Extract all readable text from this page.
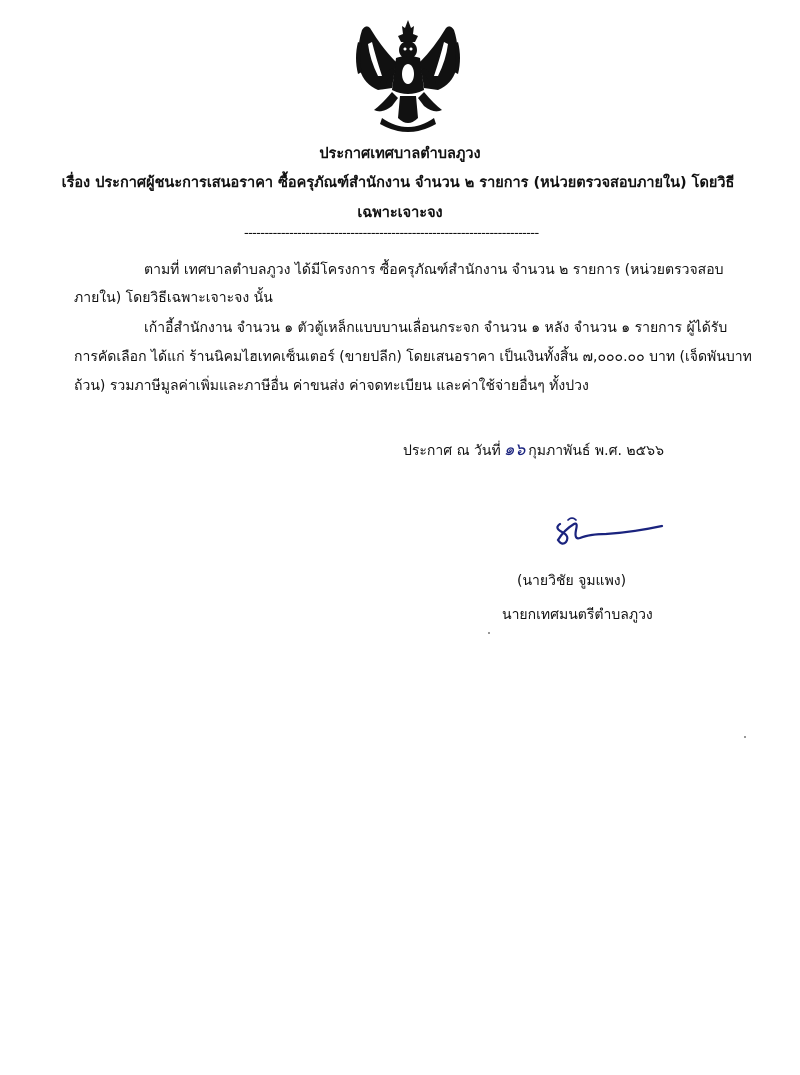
ประกาศเทศบาลตำบลภูวง
เรื่อง ประกาศผู้ชนะการเสนอราคา ซื้อครุภัณฑ์สำนักงาน จำนวน ๒ รายการ (หน่วยตรวจสอบภายใน) โดยวิธี
เฉพาะเจาะจง
------------------------------------------------------------------------
ตามที่ เทศบาลตำบลภูวง ได้มีโครงการ ซื้อครุภัณฑ์สำนักงาน จำนวน ๒ รายการ (หน่วยตรวจสอบ
ภายใน) โดยวิธีเฉพาะเจาะจง นั้น
เก้าอี้สำนักงาน จำนวน ๑ ตัวตู้เหล็กแบบบานเลื่อนกระจก จำนวน ๑ หลัง จำนวน ๑ รายการ ผู้ได้รับ
การคัดเลือก ได้แก่ ร้านนิคมไฮเทคเซ็นเตอร์ (ขายปลีก) โดยเสนอราคา เป็นเงินทั้งสิ้น ๗,๐๐๐.๐๐ บาท (เจ็ดพันบาท
ถ้วน) รวมภาษีมูลค่าเพิ่มและภาษีอื่น ค่าขนส่ง ค่าจดทะเบียน และค่าใช้จ่ายอื่นๆ ทั้งปวง
ประกาศ ณ วันที่ ๑๖ กุมภาพันธ์ พ.ศ. ๒๕๖๖
(นายวิชัย จูมแพง)
นายกเทศมนตรีตำบลภูวง
